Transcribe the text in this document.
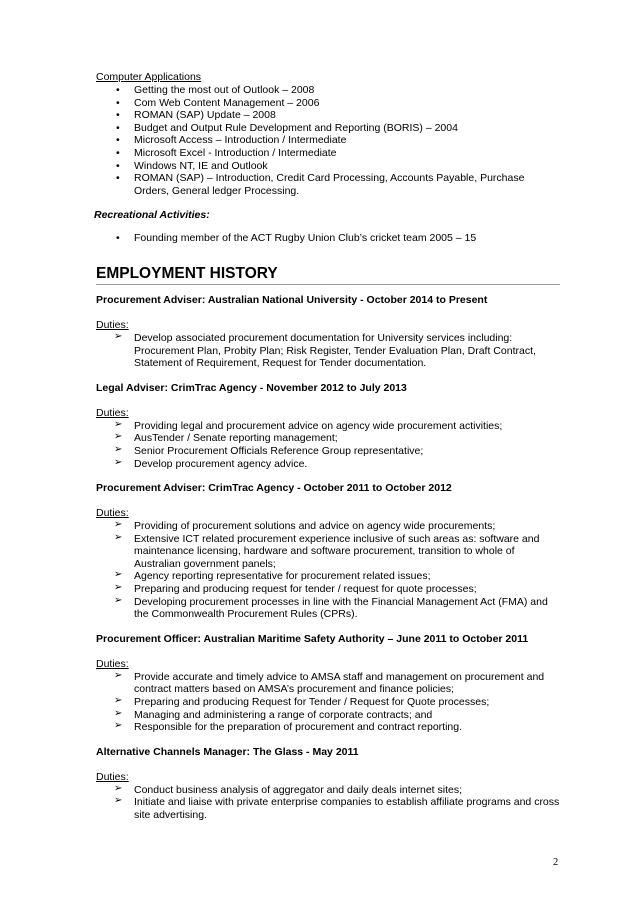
Computer Applications
• Getting the most out of Outlook – 2008
• Com Web Content Management – 2006
• ROMAN (SAP) Update – 2008
• Budget and Output Rule Development and Reporting (BORIS) – 2004
• Microsoft Access – Introduction / Intermediate
• Microsoft Excel - Introduction / Intermediate
• Windows NT, IE and Outlook
• ROMAN (SAP) – Introduction, Credit Card Processing, Accounts Payable, Purchase Orders, General ledger Processing.
Recreational Activities:
• Founding member of the ACT Rugby Union Club’s cricket team 2005 – 15
EMPLOYMENT HISTORY
Procurement Adviser: Australian National University - October 2014 to Present
Duties:
➢ Develop associated procurement documentation for University services including: Procurement Plan, Probity Plan; Risk Register, Tender Evaluation Plan, Draft Contract, Statement of Requirement, Request for Tender documentation.
Legal Adviser: CrimTrac Agency - November 2012 to July 2013
Duties:
➢ Providing legal and procurement advice on agency wide procurement activities;
➢ AusTender / Senate reporting management;
➢ Senior Procurement Officials Reference Group representative;
➢ Develop procurement agency advice.
Procurement Adviser: CrimTrac Agency - October 2011 to October 2012
Duties:
➢ Providing of procurement solutions and advice on agency wide procurements;
➢ Extensive ICT related procurement experience inclusive of such areas as: software and maintenance licensing, hardware and software procurement, transition to whole of Australian government panels;
➢ Agency reporting representative for procurement related issues;
➢ Preparing and producing request for tender / request for quote processes;
➢ Developing procurement processes in line with the Financial Management Act (FMA) and the Commonwealth Procurement Rules (CPRs).
Procurement Officer: Australian Maritime Safety Authority – June 2011 to October 2011
Duties:
➢ Provide accurate and timely advice to AMSA staff and management on procurement and contract matters based on AMSA’s procurement and finance policies;
➢ Preparing and producing Request for Tender / Request for Quote processes;
➢ Managing and administering a range of corporate contracts; and
➢ Responsible for the preparation of procurement and contract reporting.
Alternative Channels Manager: The Glass - May 2011
Duties:
➢ Conduct business analysis of aggregator and daily deals internet sites;
➢ Initiate and liaise with private enterprise companies to establish affiliate programs and cross site advertising.
2
